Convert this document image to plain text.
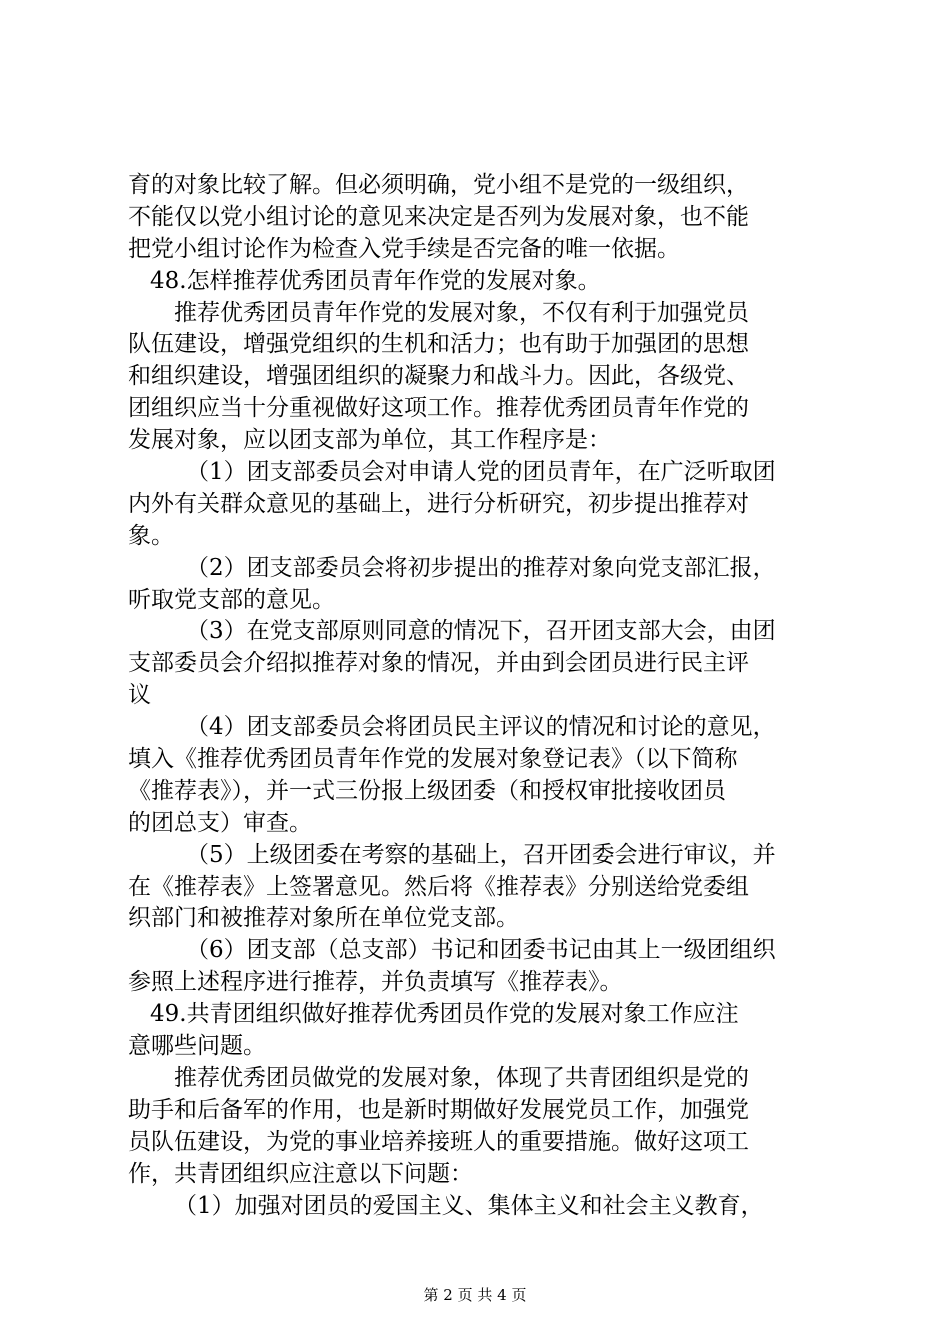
育的对象比较了解。但必须明确，党小组不是党的一级组织，
不能仅以党小组讨论的意见来决定是否列为发展对象，也不能
把党小组讨论作为检查入党手续是否完备的唯一依据。
48.怎样推荐优秀团员青年作党的发展对象。
推荐优秀团员青年作党的发展对象，不仅有利于加强党员
队伍建设，增强党组织的生机和活力；也有助于加强团的思想
和组织建设，增强团组织的凝聚力和战斗力。因此，各级党、
团组织应当十分重视做好这项工作。推荐优秀团员青年作党的
发展对象，应以团支部为单位，其工作程序是：
（1）团支部委员会对申请人党的团员青年，在广泛听取团
内外有关群众意见的基础上，进行分析研究，初步提出推荐对
象。
（2）团支部委员会将初步提出的推荐对象向党支部汇报，
听取党支部的意见。
（3）在党支部原则同意的情况下，召开团支部大会，由团
支部委员会介绍拟推荐对象的情况，并由到会团员进行民主评
议
（4）团支部委员会将团员民主评议的情况和讨论的意见，
填入《推荐优秀团员青年作党的发展对象登记表》（以下简称
《推荐表》），并一式三份报上级团委（和授权审批接收团员
的团总支）审查。
（5）上级团委在考察的基础上，召开团委会进行审议，并
在《推荐表》上签署意见。然后将《推荐表》分别送给党委组
织部门和被推荐对象所在单位党支部。
（6）团支部（总支部）书记和团委书记由其上一级团组织
参照上述程序进行推荐，并负责填写《推荐表》。
49.共青团组织做好推荐优秀团员作党的发展对象工作应注
意哪些问题。
推荐优秀团员做党的发展对象，体现了共青团组织是党的
助手和后备军的作用，也是新时期做好发展党员工作，加强党
员队伍建设，为党的事业培养接班人的重要措施。做好这项工
作，共青团组织应注意以下问题：
（1）加强对团员的爱国主义、集体主义和社会主义教育，
第 2 页 共 4 页
